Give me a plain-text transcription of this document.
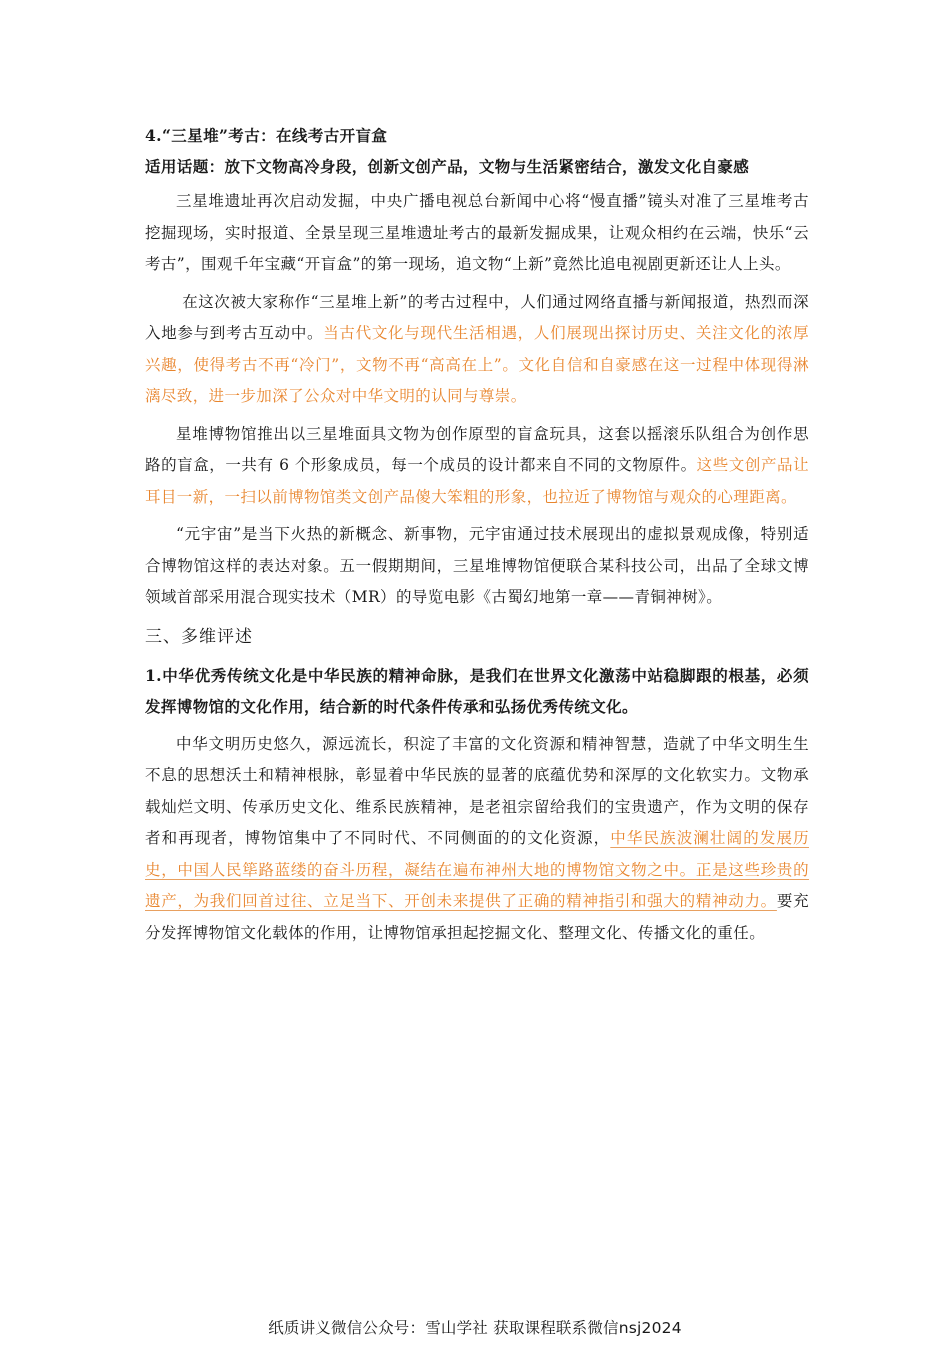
4.“三星堆”考古：在线考古开盲盒

适用话题：放下文物高冷身段，创新文创产品，文物与生活紧密结合，激发文化自豪感

三星堆遗址再次启动发掘，中央广播电视总台新闻中心将“慢直播”镜头对准了三星堆考古挖掘现场，实时报道、全景呈现三星堆遗址考古的最新发掘成果，让观众相约在云端，快乐“云考古”，围观千年宝藏“开盲盒”的第一现场，追文物“上新”竟然比追电视剧更新还让人上头。

在这次被大家称作“三星堆上新”的考古过程中，人们通过网络直播与新闻报道，热烈而深入地参与到考古互动中。当古代文化与现代生活相遇，人们展现出探讨历史、关注文化的浓厚兴趣，使得考古不再“冷门”，文物不再“高高在上”。文化自信和自豪感在这一过程中体现得淋漓尽致，进一步加深了公众对中华文明的认同与尊崇。

星堆博物馆推出以三星堆面具文物为创作原型的盲盒玩具，这套以摇滚乐队组合为创作思路的盲盒，一共有 6 个形象成员，每一个成员的设计都来自不同的文物原件。这些文创产品让耳目一新，一扫以前博物馆类文创产品傻大笨粗的形象，也拉近了博物馆与观众的心理距离。

“元宇宙”是当下火热的新概念、新事物，元宇宙通过技术展现出的虚拟景观成像，特别适合博物馆这样的表达对象。五一假期期间，三星堆博物馆便联合某科技公司，出品了全球文博领域首部采用混合现实技术（MR）的导览电影《古蜀幻地第一章——青铜神树》。

三、多维评述

1.中华优秀传统文化是中华民族的精神命脉，是我们在世界文化激荡中站稳脚跟的根基，必须发挥博物馆的文化作用，结合新的时代条件传承和弘扬优秀传统文化。

中华文明历史悠久，源远流长，积淀了丰富的文化资源和精神智慧，造就了中华文明生生不息的思想沃土和精神根脉，彰显着中华民族的显著的底蕴优势和深厚的文化软实力。文物承载灿烂文明、传承历史文化、维系民族精神，是老祖宗留给我们的宝贵遗产，作为文明的保存者和再现者，博物馆集中了不同时代、不同侧面的的文化资源，中华民族波澜壮阔的发展历史，中国人民筚路蓝缕的奋斗历程，凝结在遍布神州大地的博物馆文物之中。正是这些珍贵的遗产，为我们回首过往、立足当下、开创未来提供了正确的精神指引和强大的精神动力。要充分发挥博物馆文化载体的作用，让博物馆承担起挖掘文化、整理文化、传播文化的重任。

纸质讲义微信公众号：雪山学社 获取课程联系微信nsj2024
